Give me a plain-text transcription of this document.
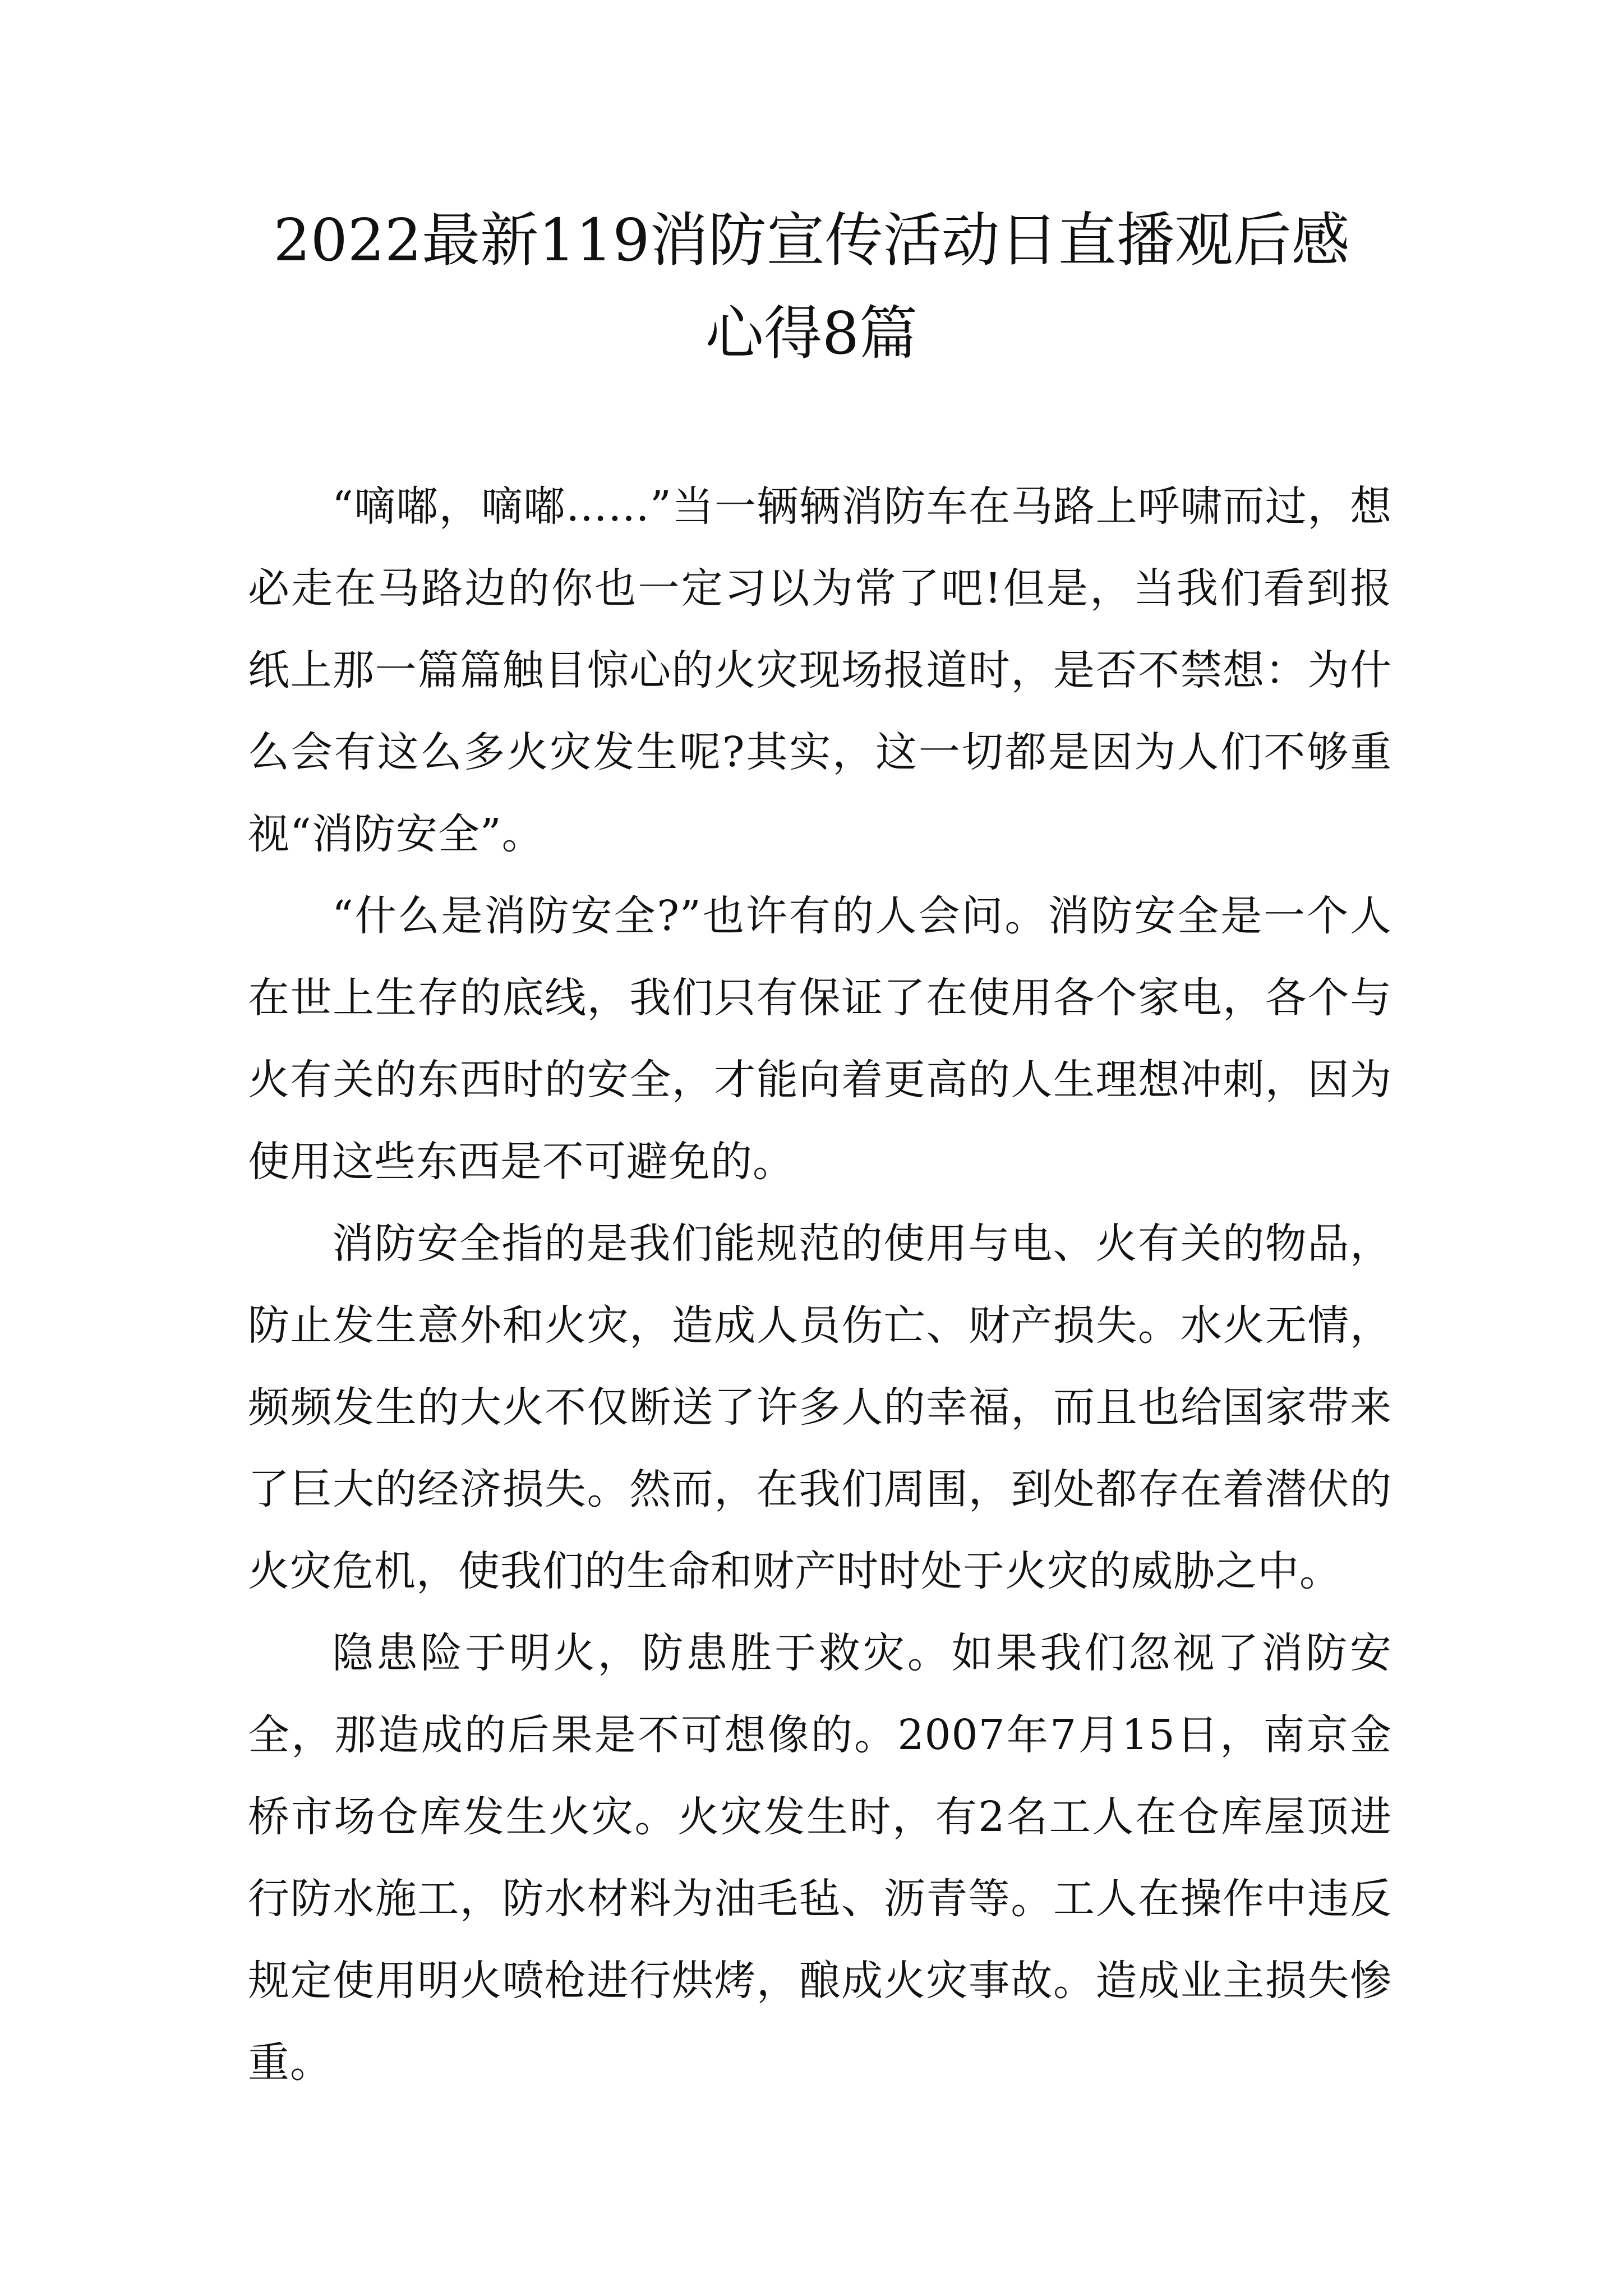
2022最新119消防宣传活动日直播观后感
心得8篇

“嘀嘟，嘀嘟……”当一辆辆消防车在马路上呼啸而过，想必走在马路边的你也一定习以为常了吧!但是，当我们看到报纸上那一篇篇触目惊心的火灾现场报道时，是否不禁想：为什么会有这么多火灾发生呢?其实，这一切都是因为人们不够重视“消防安全”。

“什么是消防安全?”也许有的人会问。消防安全是一个人在世上生存的底线，我们只有保证了在使用各个家电，各个与火有关的东西时的安全，才能向着更高的人生理想冲刺，因为使用这些东西是不可避免的。

消防安全指的是我们能规范的使用与电、火有关的物品，防止发生意外和火灾，造成人员伤亡、财产损失。水火无情，频频发生的大火不仅断送了许多人的幸福，而且也给国家带来了巨大的经济损失。然而，在我们周围，到处都存在着潜伏的火灾危机，使我们的生命和财产时时处于火灾的威胁之中。

隐患险于明火，防患胜于救灾。如果我们忽视了消防安全，那造成的后果是不可想像的。2007年7月15日，南京金桥市场仓库发生火灾。火灾发生时，有2名工人在仓库屋顶进行防水施工，防水材料为油毛毡、沥青等。工人在操作中违反规定使用明火喷枪进行烘烤，酿成火灾事故。造成业主损失惨重。
